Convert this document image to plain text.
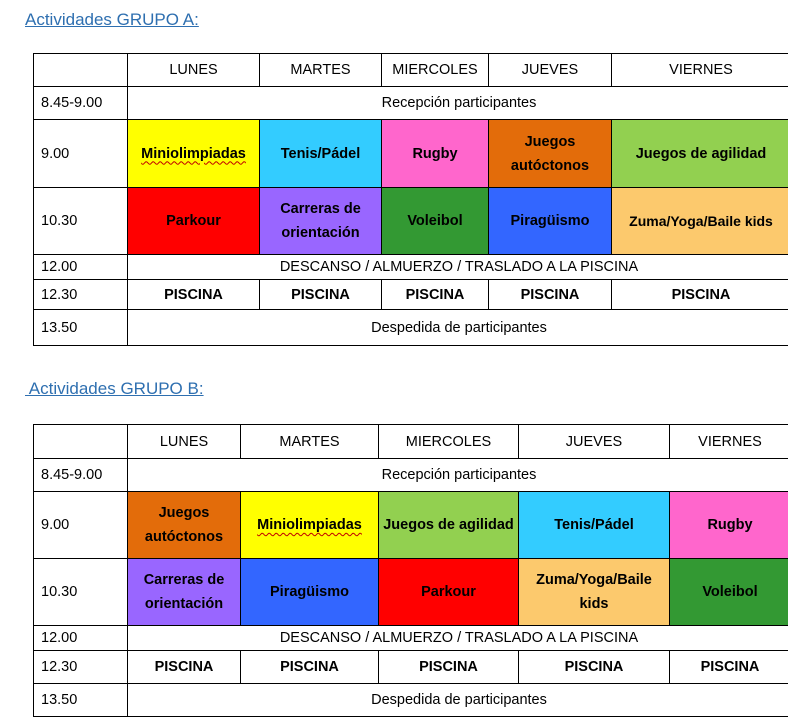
Actividades GRUPO A:
	LUNES	MARTES	MIERCOLES	JUEVES	VIERNES
8.45-9.00	Recepción participantes				
9.00	Miniolimpiadas	Tenis/Pádel	Rugby	Juegos autóctonos	Juegos de agilidad
10.30	Parkour	Carreras de orientación	Voleibol	Piragüismo	Zuma/Yoga/Baile kids
12.00	DESCANSO / ALMUERZO / TRASLADO A LA PISCINA				
12.30	PISCINA	PISCINA	PISCINA	PISCINA	PISCINA
13.50	Despedida de participantes				
Actividades GRUPO B:
	LUNES	MARTES	MIERCOLES	JUEVES	VIERNES
8.45-9.00	Recepción participantes				
9.00	Juegos autóctonos	Miniolimpiadas	Juegos de agilidad	Tenis/Pádel	Rugby
10.30	Carreras de orientación	Piragüismo	Parkour	Zuma/Yoga/Baile kids	Voleibol
12.00	DESCANSO / ALMUERZO / TRASLADO A LA PISCINA				
12.30	PISCINA	PISCINA	PISCINA	PISCINA	PISCINA
13.50	Despedida de participantes				
